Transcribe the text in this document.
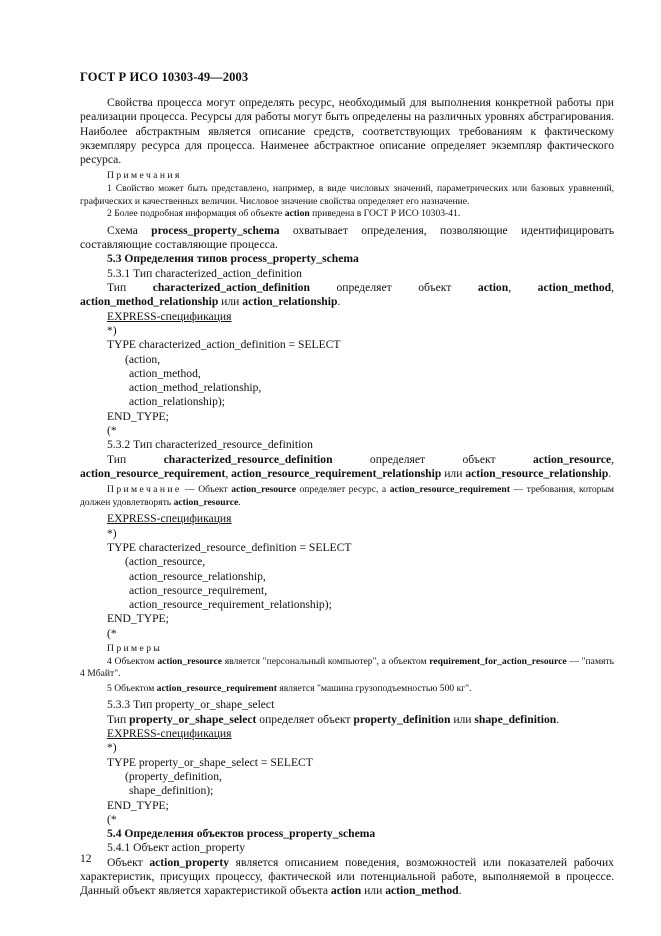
ГОСТ Р ИСО 10303-49—2003

Свойства процесса могут определять ресурс, необходимый для выполнения конкретной работы при реализации процесса. Ресурсы для работы могут быть определены на различных уровнях абстрагирования. Наиболее абстрактным является описание средств, соответствующих требованиям к фактическому экземпляру ресурса для процесса. Наименее абстрактное описание определяет экземпляр фактического ресурса.

Примечания

1 Свойство может быть представлено, например, в виде числовых значений, параметрических или базовых уравнений, графических и качественных величин. Числовое значение свойства определяет его назначение.

2 Более подробная информация об объекте action приведена в ГОСТ Р ИСО 10303-41.

Схема process_property_schema охватывает определения, позволяющие идентифицировать составляющие составляющие процесса.

5.3 Определения типов process_property_schema

5.3.1 Тип characterized_action_definition

Тип characterized_action_definition определяет объект action, action_method, action_method_relationship или action_relationship.

EXPRESS-спецификация

*)

TYPE characterized_action_definition = SELECT

(action,

action_method,

action_method_relationship,

action_relationship);

END_TYPE;

(*

5.3.2 Тип characterized_resource_definition

Тип characterized_resource_definition определяет объект action_resource, action_resource_requirement, action_resource_requirement_relationship или action_resource_relationship.

Примечание — Объект action_resource определяет ресурс, а action_resource_requirement — требования, которым должен удовлетворять action_resource.

EXPRESS-спецификация

*)

TYPE characterized_resource_definition = SELECT

(action_resource,

action_resource_relationship,

action_resource_requirement,

action_resource_requirement_relationship);

END_TYPE;

(*

Примеры

4 Объектом action_resource является "персональный компьютер", а объектом requirement_for_action_resource — "память 4 Мбайт".

5 Объектом action_resource_requirement является "машина грузоподъемностью 500 кг".

5.3.3 Тип property_or_shape_select

Тип property_or_shape_select определяет объект property_definition или shape_definition.

EXPRESS-спецификация

*)

TYPE property_or_shape_select = SELECT

(property_definition,

shape_definition);

END_TYPE;

(*

5.4 Определения объектов process_property_schema

5.4.1 Объект action_property

Объект action_property является описанием поведения, возможностей или показателей рабочих характеристик, присущих процессу, фактической или потенциальной работе, выполняемой в процессе. Данный объект является характеристикой объекта action или action_method.

12
